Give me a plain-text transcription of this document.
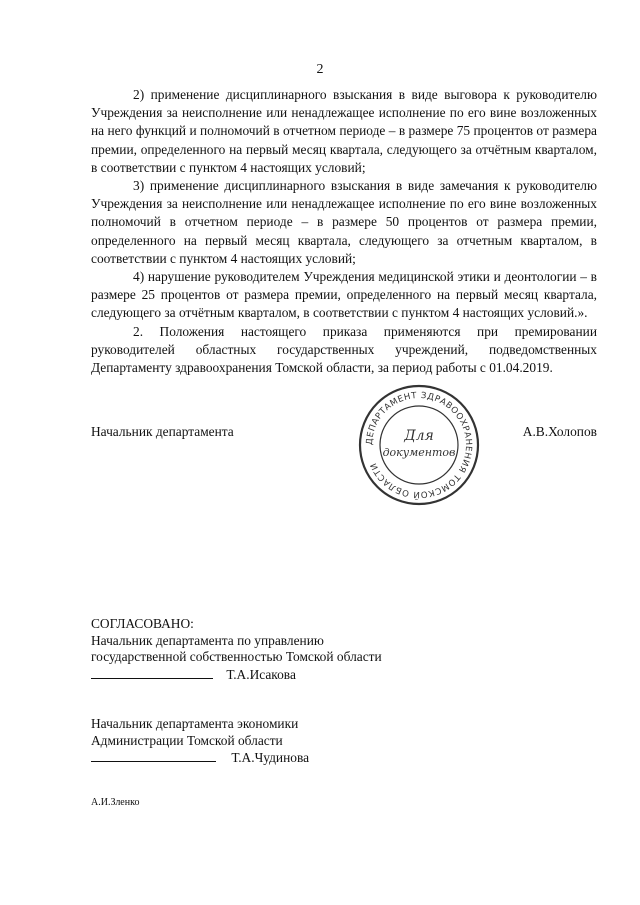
2

2) применение дисциплинарного взыскания в виде выговора к руководителю Учреждения за неисполнение или ненадлежащее исполнение по его вине возложенных на него функций и полномочий в отчетном периоде – в размере 75 процентов от размера премии, определенного на первый месяц квартала, следующего за отчётным кварталом, в соответствии с пунктом 4 настоящих условий;

3) применение дисциплинарного взыскания в виде замечания к руководителю Учреждения за неисполнение или ненадлежащее исполнение по его вине возложенных полномочий в отчетном периоде – в размере 50 процентов от размера премии, определенного на первый месяц квартала, следующего за отчетным кварталом, в соответствии с пунктом 4 настоящих условий;

4) нарушение руководителем Учреждения медицинской этики и деонтологии – в размере 25 процентов от размера премии, определенного на первый месяц квартала, следующего за отчётным кварталом, в соответствии с пунктом 4 настоящих условий.».

2. Положения настоящего приказа применяются при премировании руководителей областных государственных учреждений, подведомственных Департаменту здравоохранения Томской области, за период работы с 01.04.2019.

Начальник департамента	А.В.Холопов
ДЕПАРТАМЕНТ ЗДРАВООХРАНЕНИЯ ТОМСКОЙ ОБЛАСТИ
Для
документов
СОГЛАСОВАНО:
Начальник департамента по управлению
государственной собственностью Томской области
Т.А.Исакова
Начальник департамента экономики
Администрации Томской области
Т.А.Чудинова
А.И.Зленко
